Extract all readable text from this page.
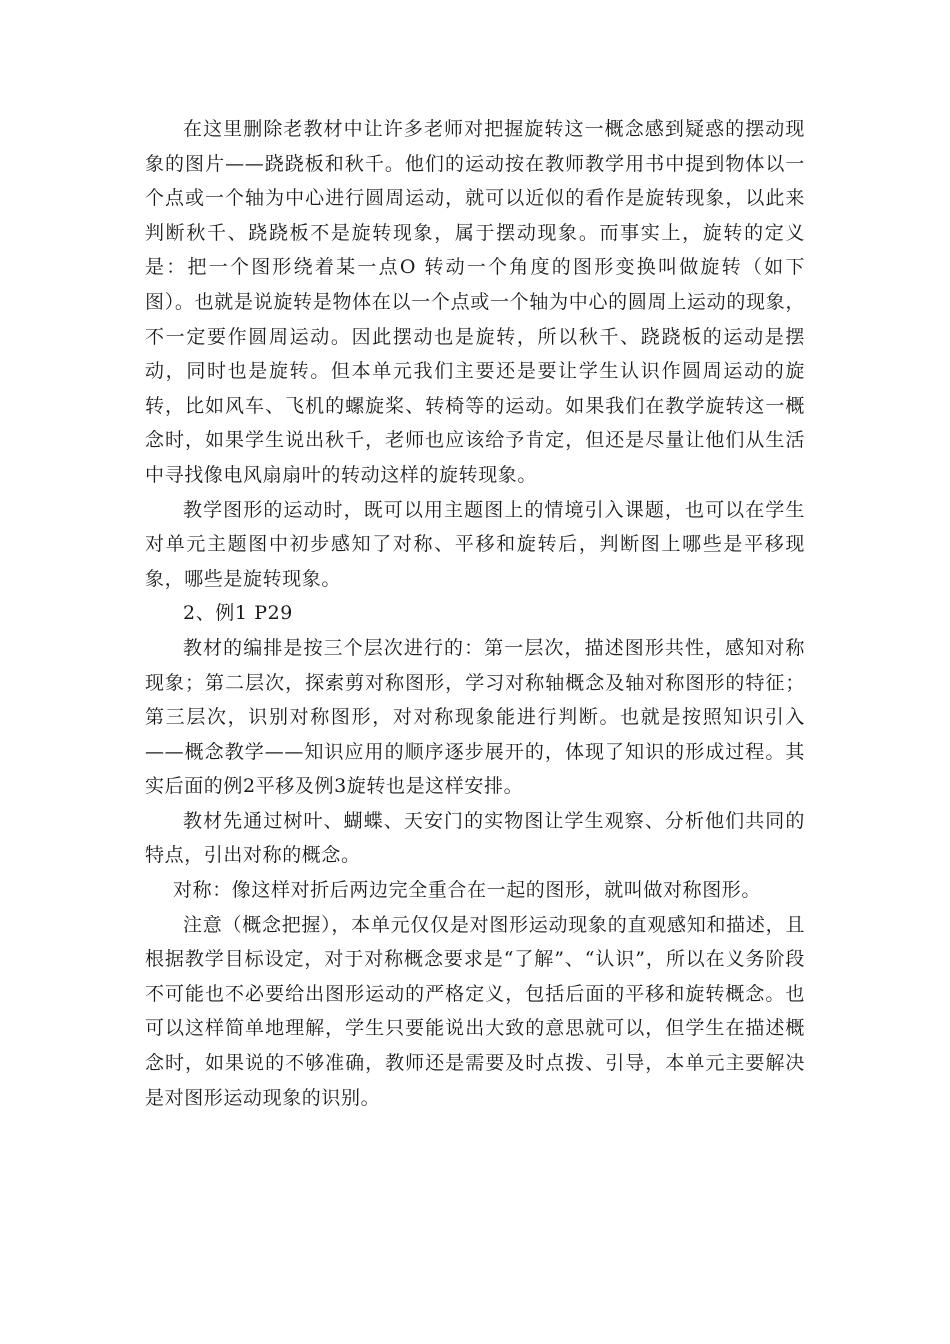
在这里删除老教材中让许多老师对把握旋转这一概念感到疑惑的摆动现象的图片——跷跷板和秋千。他们的运动按在教师教学用书中提到物体以一个点或一个轴为中心进行圆周运动，就可以近似的看作是旋转现象，以此来判断秋千、跷跷板不是旋转现象，属于摆动现象。而事实上，旋转的定义是：把一个图形绕着某一点O 转动一个角度的图形变换叫做旋转（如下图）。也就是说旋转是物体在以一个点或一个轴为中心的圆周上运动的现象，不一定要作圆周运动。因此摆动也是旋转，所以秋千、跷跷板的运动是摆动，同时也是旋转。但本单元我们主要还是要让学生认识作圆周运动的旋转，比如风车、飞机的螺旋桨、转椅等的运动。如果我们在教学旋转这一概念时，如果学生说出秋千，老师也应该给予肯定，但还是尽量让他们从生活中寻找像电风扇扇叶的转动这样的旋转现象。

教学图形的运动时，既可以用主题图上的情境引入课题，也可以在学生对单元主题图中初步感知了对称、平移和旋转后，判断图上哪些是平移现象，哪些是旋转现象。

2、例1 P29

教材的编排是按三个层次进行的：第一层次，描述图形共性，感知对称现象；第二层次，探索剪对称图形，学习对称轴概念及轴对称图形的特征；第三层次，识别对称图形，对对称现象能进行判断。也就是按照知识引入——概念教学——知识应用的顺序逐步展开的，体现了知识的形成过程。其实后面的例2平移及例3旋转也是这样安排。

教材先通过树叶、蝴蝶、天安门的实物图让学生观察、分析他们共同的特点，引出对称的概念。

对称：像这样对折后两边完全重合在一起的图形，就叫做对称图形。

注意（概念把握），本单元仅仅是对图形运动现象的直观感知和描述，且根据教学目标设定，对于对称概念要求是“了解”、“认识”，所以在义务阶段不可能也不必要给出图形运动的严格定义，包括后面的平移和旋转概念。也可以这样简单地理解，学生只要能说出大致的意思就可以，但学生在描述概念时，如果说的不够准确，教师还是需要及时点拨、引导，本单元主要解决是对图形运动现象的识别。
